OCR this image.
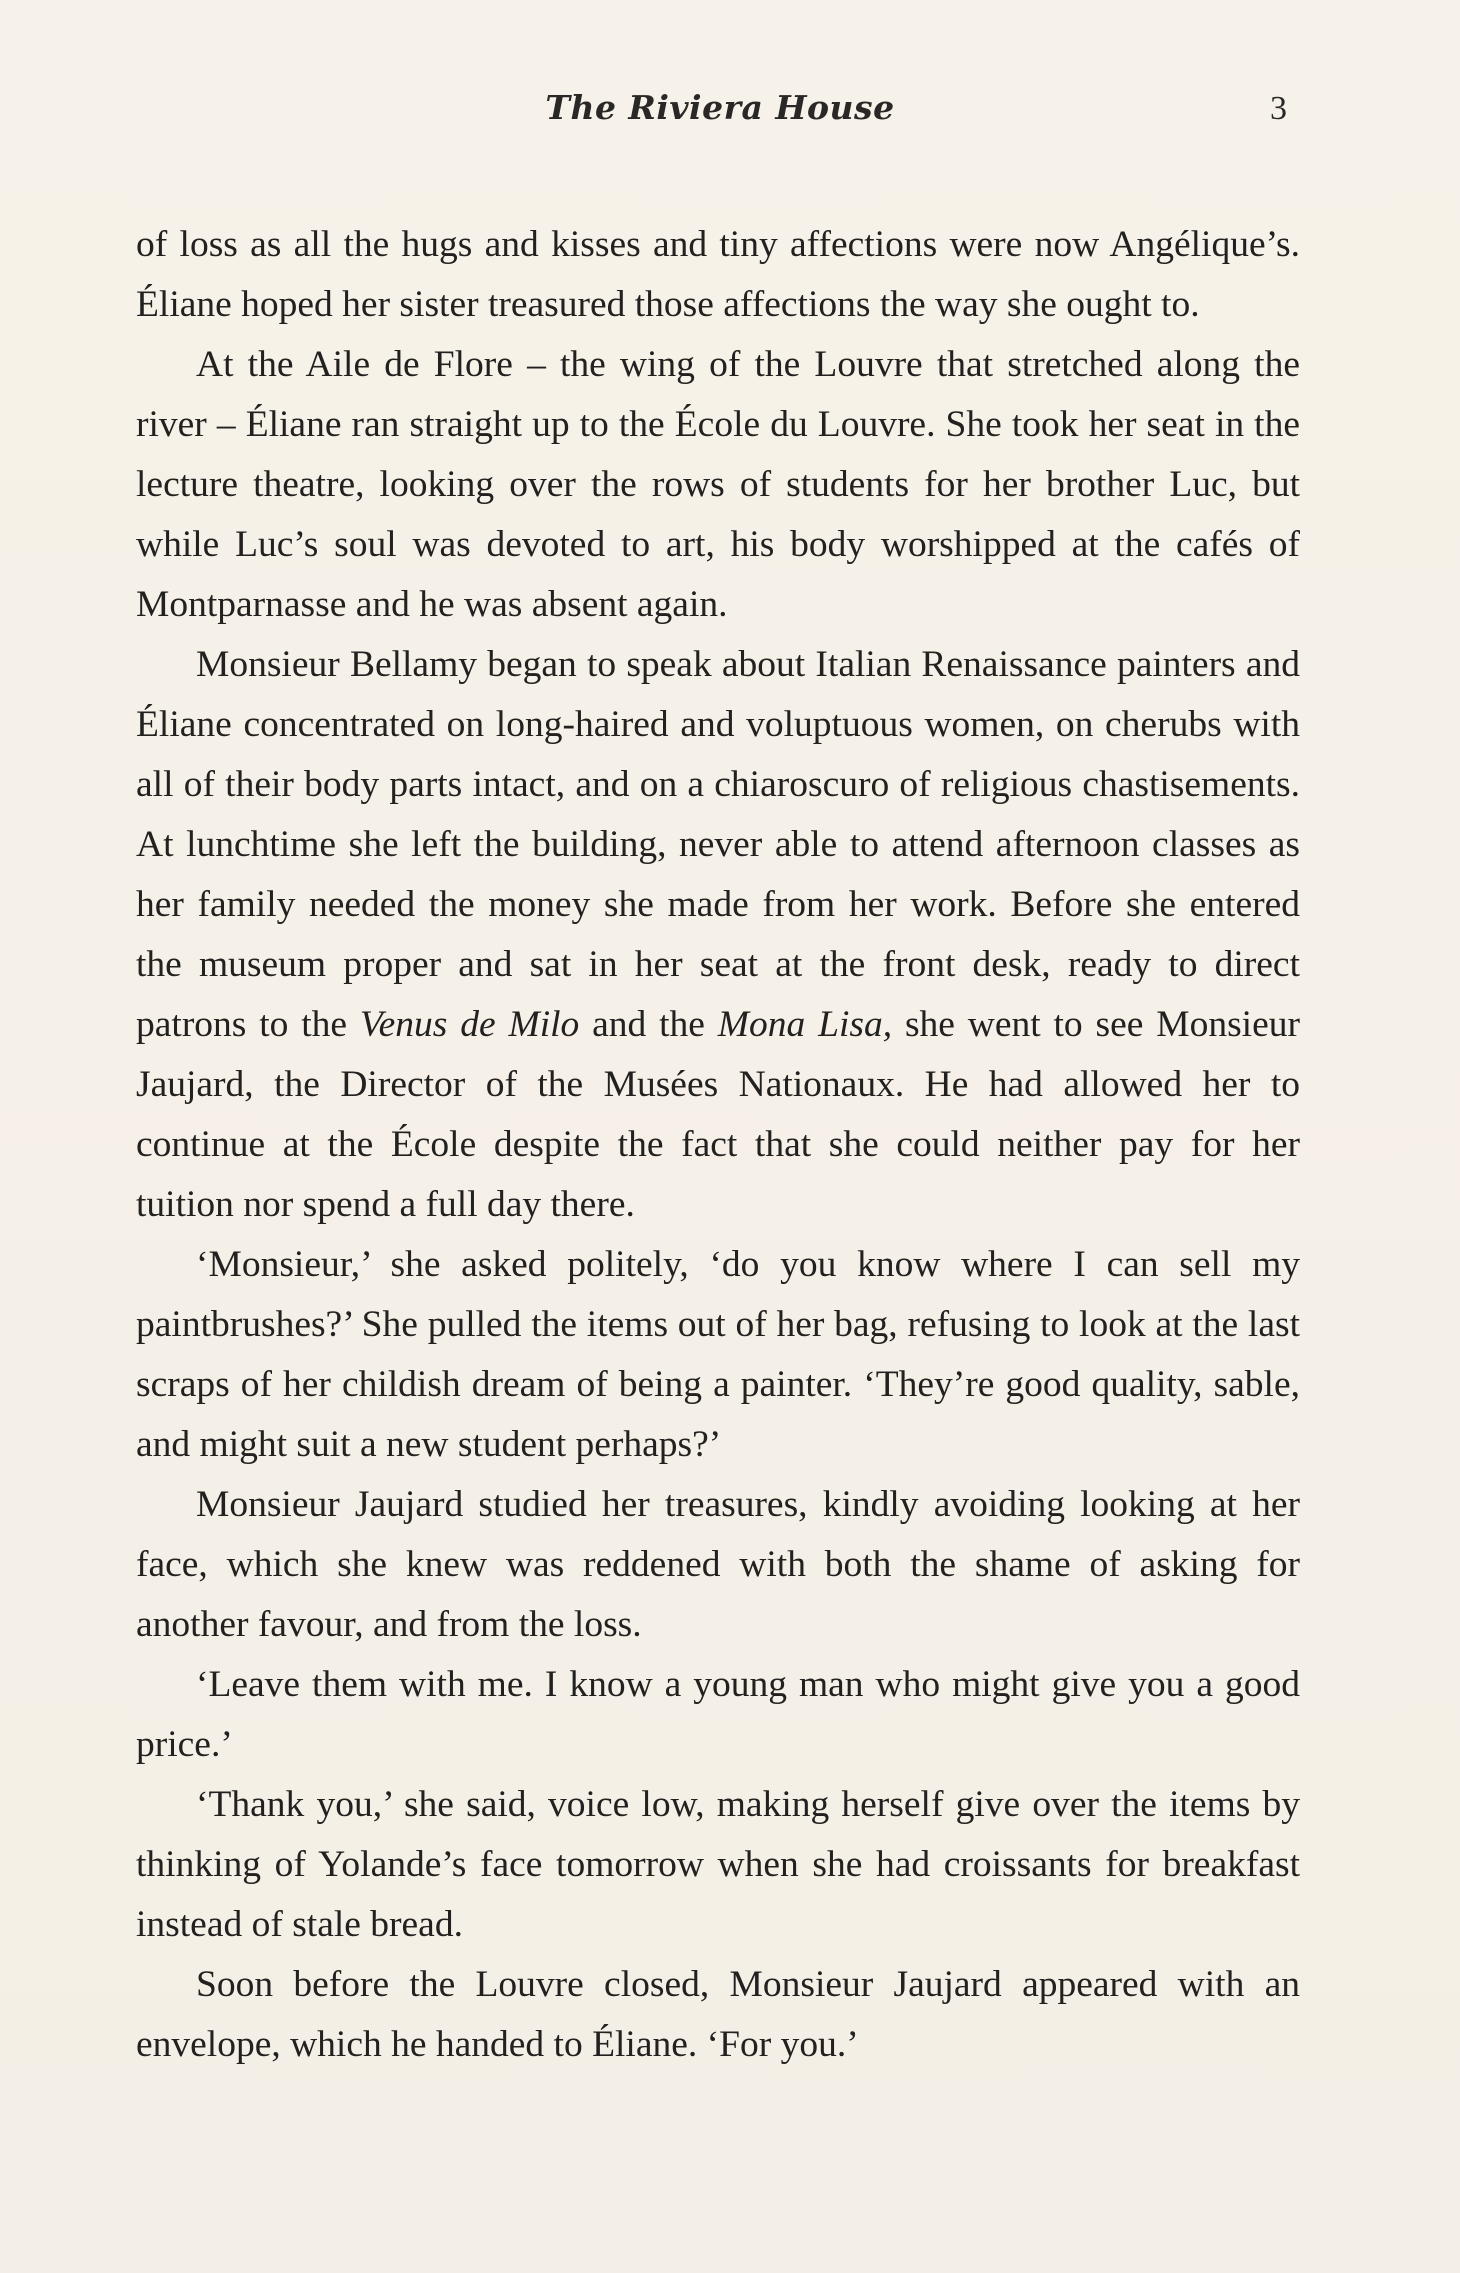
The Riviera House	3

of loss as all the hugs and kisses and tiny affections were now Angélique’s. Éliane hoped her sister treasured those affections the way she ought to.

At the Aile de Flore – the wing of the Louvre that stretched along the river – Éliane ran straight up to the École du Louvre. She took her seat in the lecture theatre, looking over the rows of students for her brother Luc, but while Luc’s soul was devoted to art, his body worshipped at the cafés of Montparnasse and he was absent again.

Monsieur Bellamy began to speak about Italian Renaissance painters and Éliane concentrated on long-haired and voluptuous women, on cherubs with all of their body parts intact, and on a chiaroscuro of religious chastisements. At lunchtime she left the building, never able to attend afternoon classes as her family needed the money she made from her work. Before she entered the museum proper and sat in her seat at the front desk, ready to direct patrons to the Venus de Milo and the Mona Lisa, she went to see Monsieur Jaujard, the Director of the Musées Nationaux. He had allowed her to continue at the École despite the fact that she could neither pay for her tuition nor spend a full day there.

‘Monsieur,’ she asked politely, ‘do you know where I can sell my paintbrushes?’ She pulled the items out of her bag, refusing to look at the last scraps of her childish dream of being a painter. ‘They’re good quality, sable, and might suit a new student perhaps?’

Monsieur Jaujard studied her treasures, kindly avoiding looking at her face, which she knew was reddened with both the shame of asking for another favour, and from the loss.

‘Leave them with me. I know a young man who might give you a good price.’

‘Thank you,’ she said, voice low, making herself give over the items by thinking of Yolande’s face tomorrow when she had croissants for breakfast instead of stale bread.

Soon before the Louvre closed, Monsieur Jaujard appeared with an envelope, which he handed to Éliane. ‘For you.’
